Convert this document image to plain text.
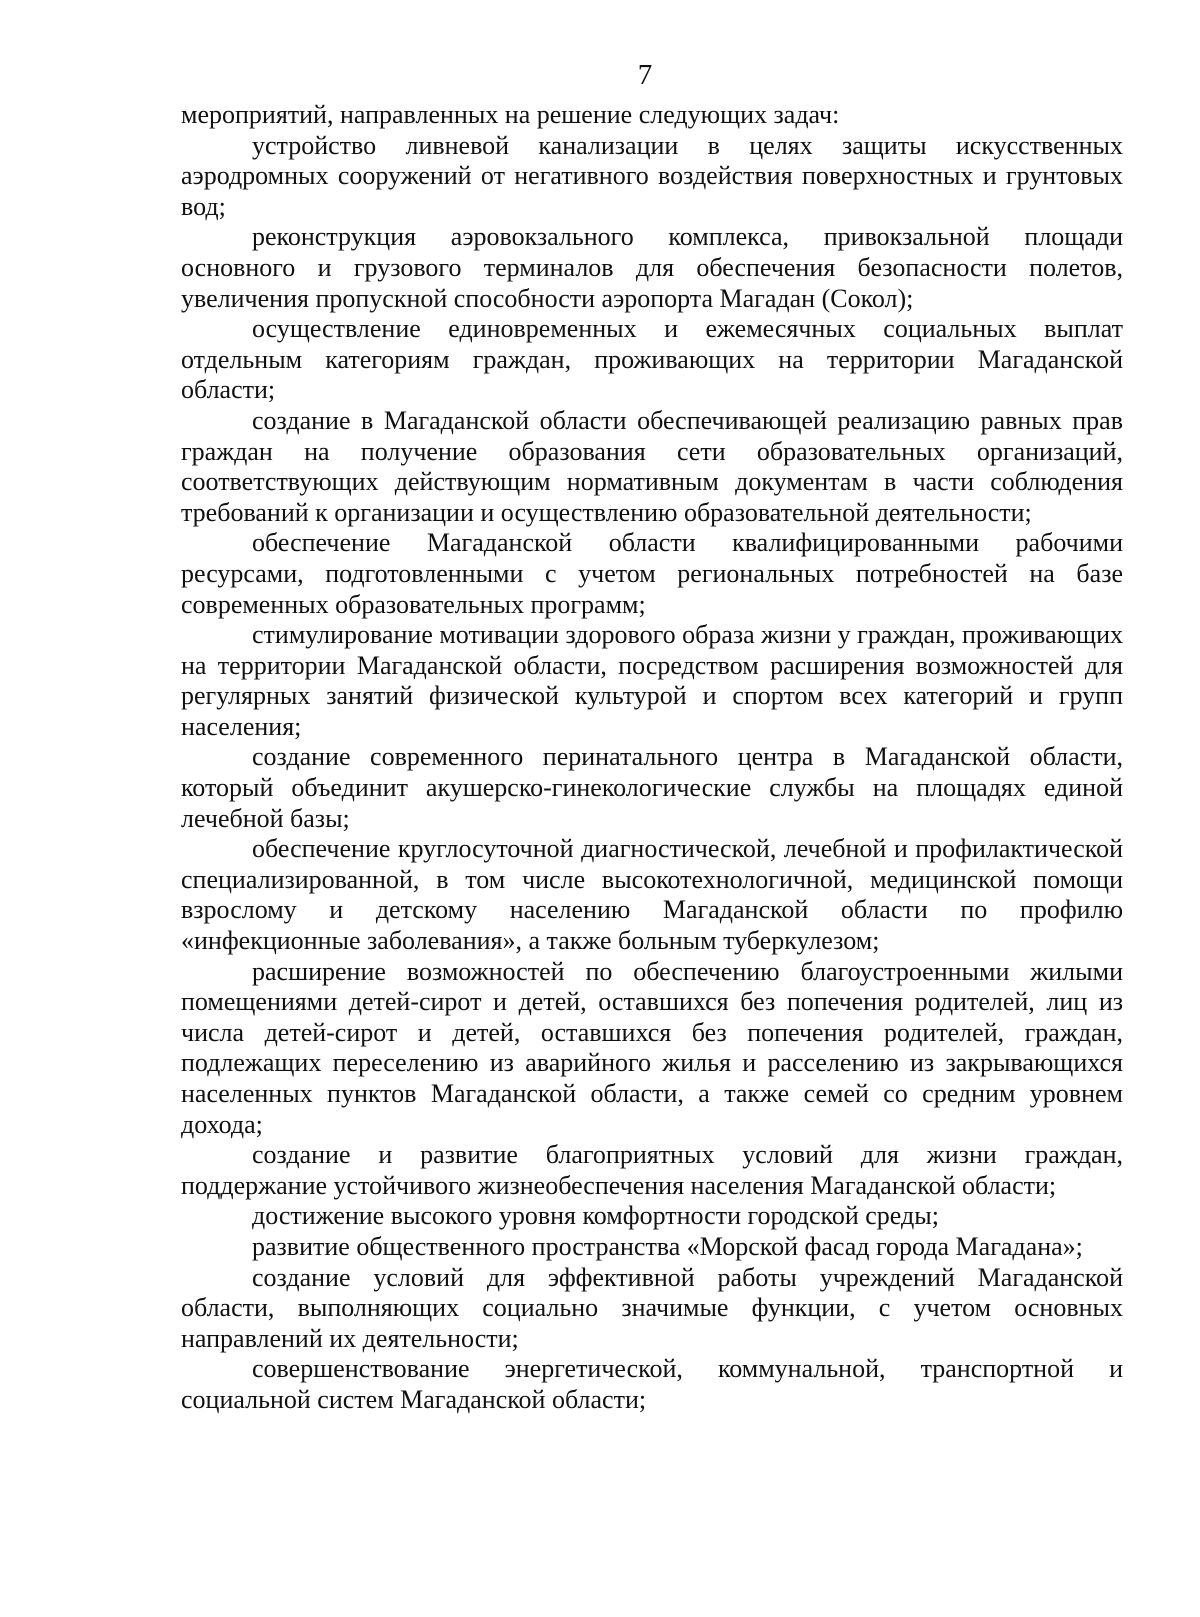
7

мероприятий, направленных на решение следующих задач:

устройство ливневой канализации в целях защиты искусственных аэродромных сооружений от негативного воздействия поверхностных и грунтовых вод;

реконструкция аэровокзального комплекса, привокзальной площади основного и грузового терминалов для обеспечения безопасности полетов, увеличения пропускной способности аэропорта Магадан (Сокол);

осуществление единовременных и ежемесячных социальных выплат отдельным категориям граждан, проживающих на территории Магаданской области;

создание в Магаданской области обеспечивающей реализацию равных прав граждан на получение образования сети образовательных организаций, соответствующих действующим нормативным документам в части соблюдения требований к организации и осуществлению образовательной деятельности;

обеспечение Магаданской области квалифицированными рабочими ресурсами, подготовленными с учетом региональных потребностей на базе современных образовательных программ;

стимулирование мотивации здорового образа жизни у граждан, проживающих на территории Магаданской области, посредством расширения возможностей для регулярных занятий физической культурой и спортом всех категорий и групп населения;

создание современного перинатального центра в Магаданской области, который объединит акушерско-гинекологические службы на площадях единой лечебной базы;

обеспечение круглосуточной диагностической, лечебной и профилактической специализированной, в том числе высокотехнологичной, медицинской помощи взрослому и детскому населению Магаданской области по профилю «инфекционные заболевания», а также больным туберкулезом;

расширение возможностей по обеспечению благоустроенными жилыми помещениями детей-сирот и детей, оставшихся без попечения родителей, лиц из числа детей-сирот и детей, оставшихся без попечения родителей, граждан, подлежащих переселению из аварийного жилья и расселению из закрывающихся населенных пунктов Магаданской области, а также семей со средним уровнем дохода;

создание и развитие благоприятных условий для жизни граждан, поддержание устойчивого жизнеобеспечения населения Магаданской области;

достижение высокого уровня комфортности городской среды;

развитие общественного пространства «Морской фасад города Магадана»;

создание условий для эффективной работы учреждений Магаданской области, выполняющих социально значимые функции, с учетом основных направлений их деятельности;

совершенствование энергетической, коммунальной, транспортной и социальной систем Магаданской области;
